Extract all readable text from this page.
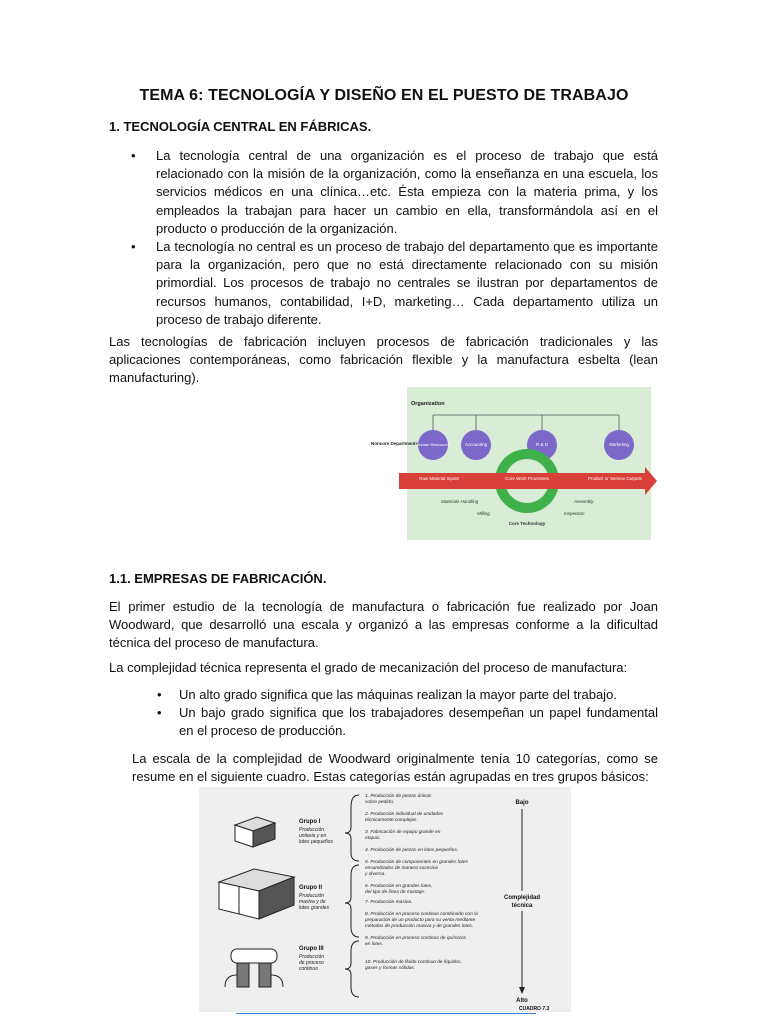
TEMA 6: TECNOLOGÍA Y DISEÑO EN EL PUESTO DE TRABAJO
1. TECNOLOGÍA CENTRAL EN FÁBRICAS.
• La tecnología central de una organización es el proceso de trabajo que está relacionado con la misión de la organización, como la enseñanza en una escuela, los servicios médicos en una clínica…etc. Ésta empieza con la materia prima, y los empleados la trabajan para hacer un cambio en ella, transformándola así en el producto o producción de la organización.
• La tecnología no central es un proceso de trabajo del departamento que es importante para la organización, pero que no está directamente relacionado con su misión primordial. Los procesos de trabajo no centrales se ilustran por departamentos de recursos humanos, contabilidad, I+D, marketing… Cada departamento utiliza un proceso de trabajo diferente.

Las tecnologías de fabricación incluyen procesos de fabricación tradicionales y las aplicaciones contemporáneas, como fabricación flexible y la manufactura esbelta (lean manufacturing).

Organization
Noncore Departments
Human Resources	Accounting	R & D	Marketing
Raw Material Inputs	Core Work Processes	Product or Service Outputs
Materials Handling
Milling
Core Technology
Inspection
Assembly
1.1. EMPRESAS DE FABRICACIÓN.

El primer estudio de la tecnología de manufactura o fabricación fue realizado por Joan Woodward, que desarrolló una escala y organizó a las empresas conforme a la dificultad técnica del proceso de manufactura.

La complejidad técnica representa el grado de mecanización del proceso de manufactura:

• Un alto grado significa que las máquinas realizan la mayor parte del trabajo.
• Un bajo grado significa que los trabajadores desempeñan un papel fundamental en el proceso de producción.

La escala de la complejidad de Woodward originalmente tenía 10 categorías, como se resume en el siguiente cuadro. Estas categorías están agrupadas en tres grupos básicos:

Grupo I
Producción
unitaria y en
lotes pequeños
Grupo II
Producción
masiva y de
lotes grandes
Grupo III
Producción
de proceso
continuo
1. Producción de piezas únicas
sobre pedido.
2. Producción individual de unidades
técnicamente complejas.
3. Fabricación de equipo grande en
etapas.
4. Producción de piezas en lotes pequeños.
5. Producción de componentes en grandes lotes
ensamblados de manera sucesiva
y diversa.
6. Producción en grandes lotes,
del tipo de línea de montaje.
7. Producción masiva.
8. Producción en proceso continuo combinado con la
preparación de un producto para su venta mediante
métodos de producción masiva y de grandes lotes.
9. Producción en proceso continuo de químicos
en lotes.
10. Producción de fluido continuo de líquidos,
gases y formas sólidas.
Bajo
Complejidad
técnica
Alto
CUADRO 7.3
